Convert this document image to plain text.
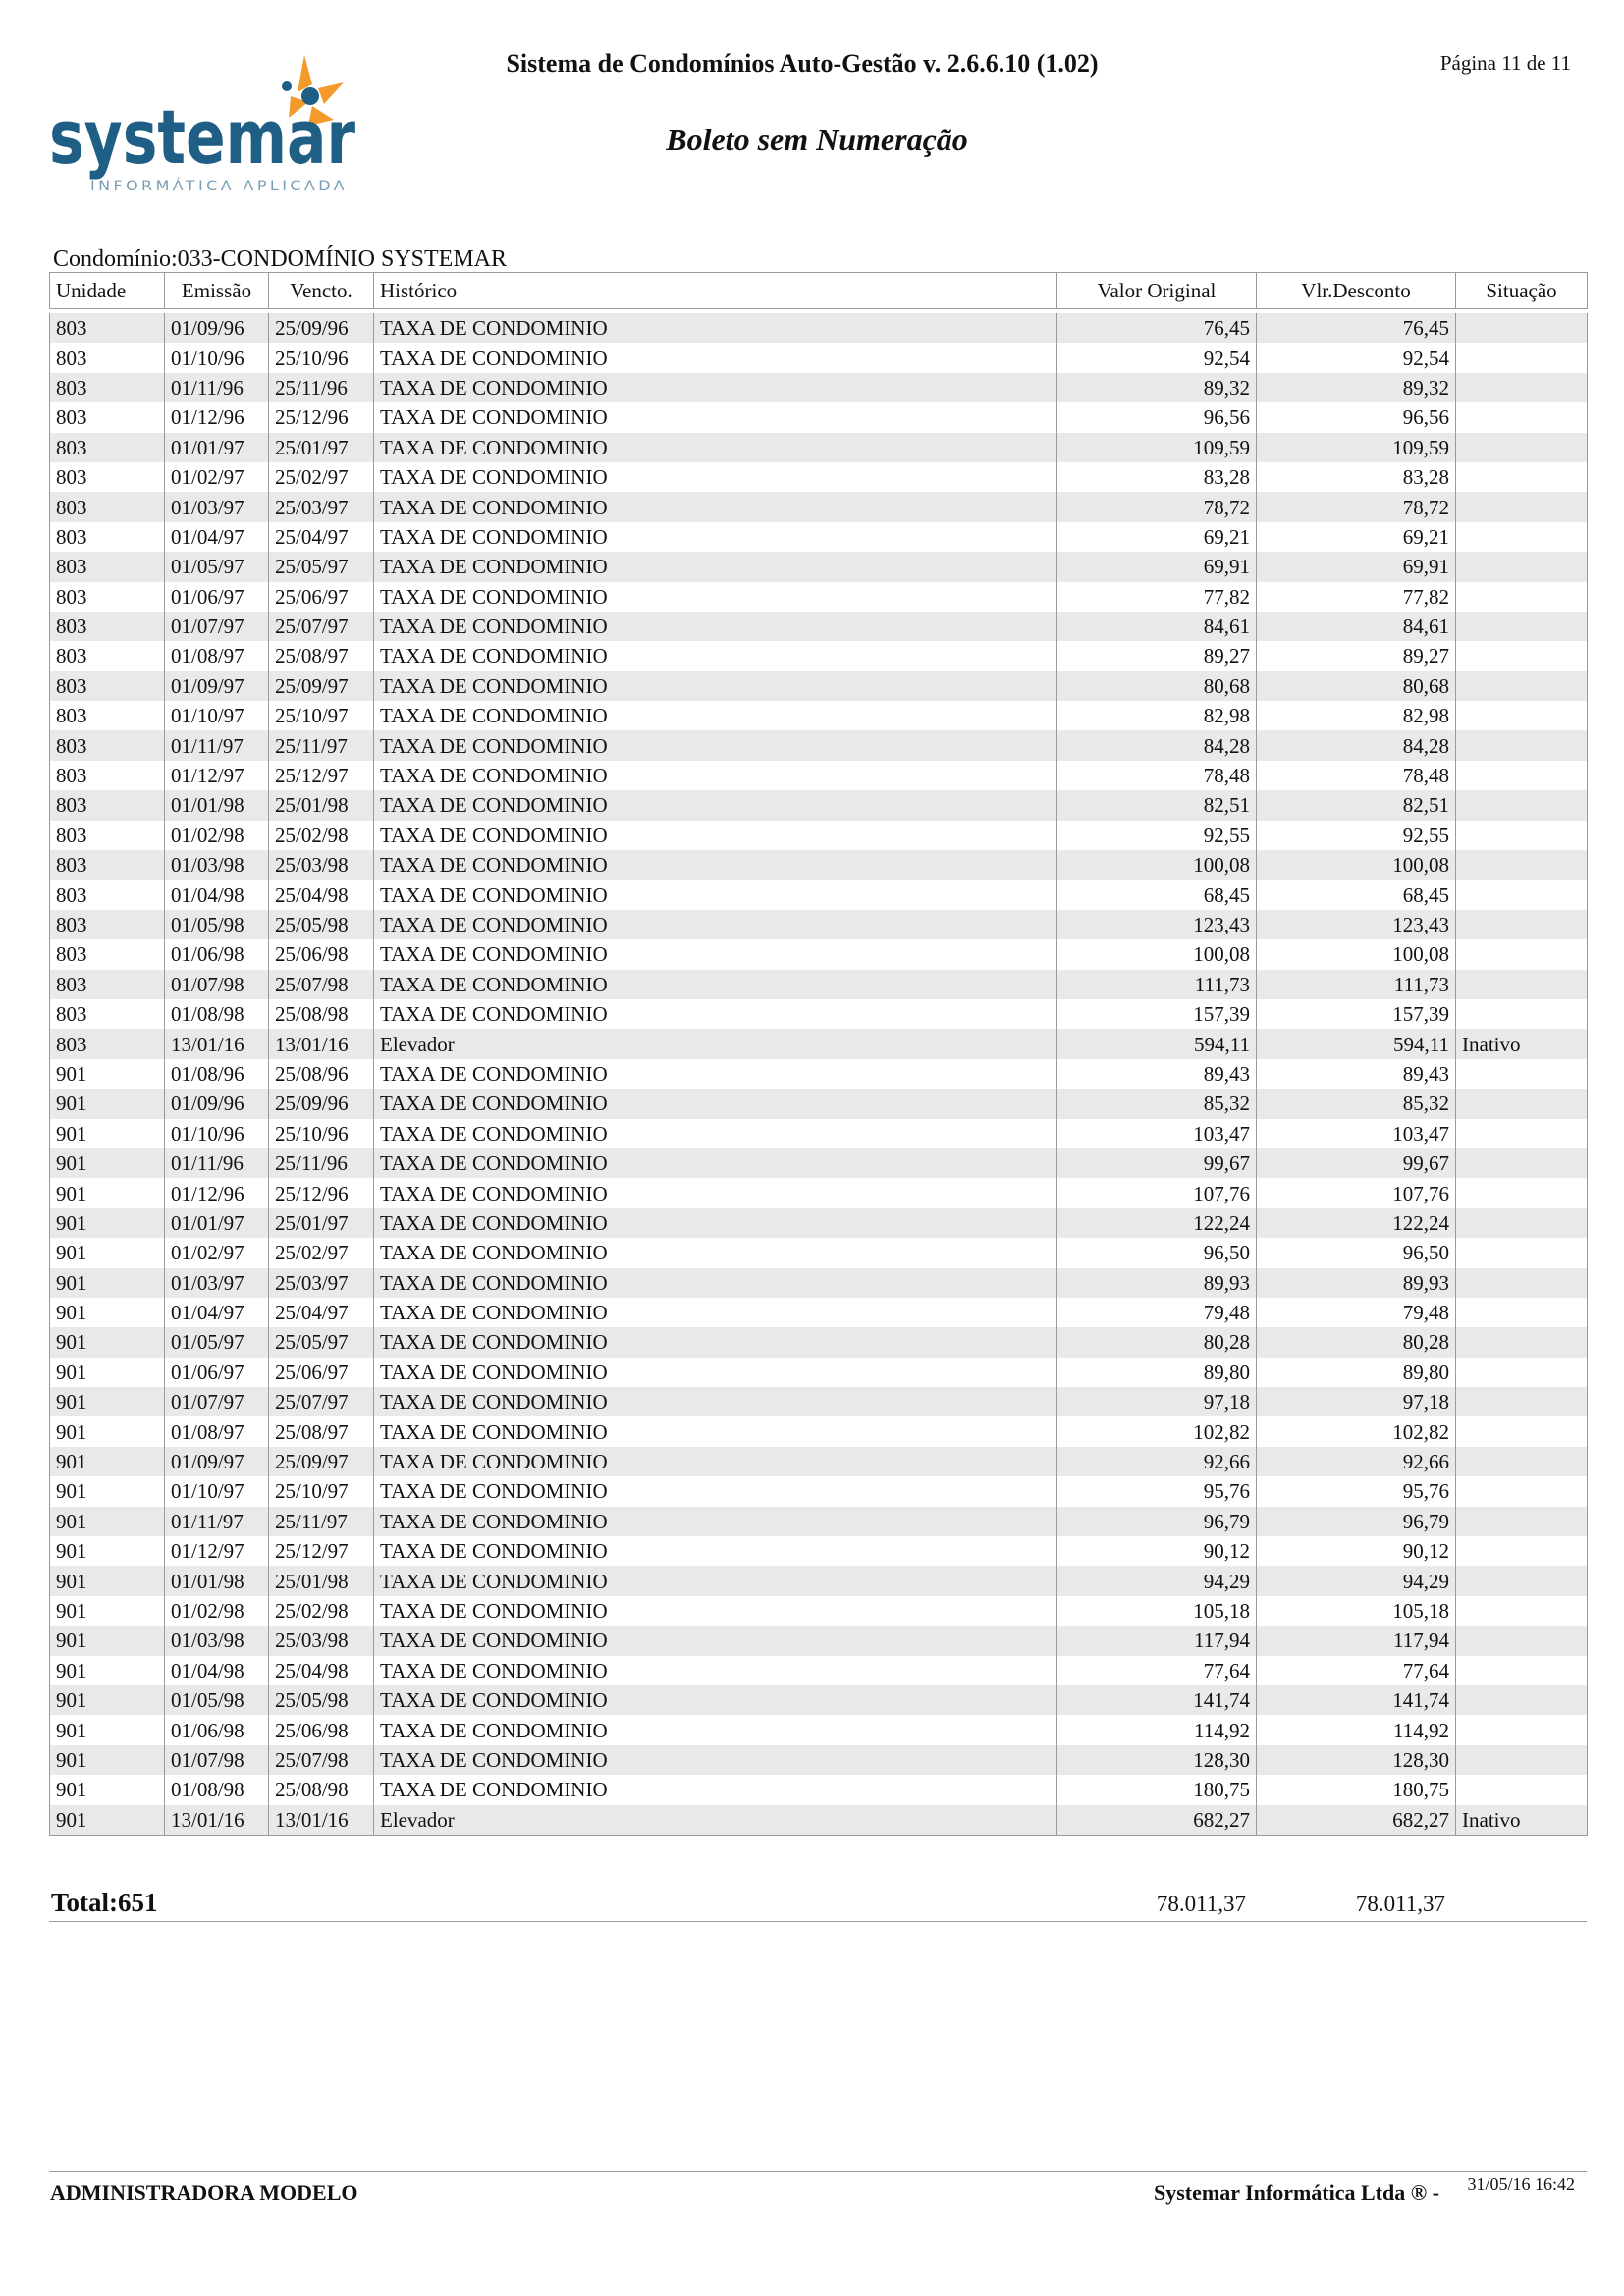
systemar
INFORMÁTICA APLICADA
Sistema de Condomínios Auto-Gestão v. 2.6.6.10 (1.02)
Boleto sem Numeração
Página 11 de 11
Condomínio:033-CONDOMÍNIO SYSTEMAR
Unidade	Emissão	Vencto.	Histórico	Valor Original	Vlr.Desconto	Situação

803	01/09/96	25/09/96	TAXA DE CONDOMINIO	76,45	76,45	
803	01/10/96	25/10/96	TAXA DE CONDOMINIO	92,54	92,54	
803	01/11/96	25/11/96	TAXA DE CONDOMINIO	89,32	89,32	
803	01/12/96	25/12/96	TAXA DE CONDOMINIO	96,56	96,56	
803	01/01/97	25/01/97	TAXA DE CONDOMINIO	109,59	109,59	
803	01/02/97	25/02/97	TAXA DE CONDOMINIO	83,28	83,28	
803	01/03/97	25/03/97	TAXA DE CONDOMINIO	78,72	78,72	
803	01/04/97	25/04/97	TAXA DE CONDOMINIO	69,21	69,21	
803	01/05/97	25/05/97	TAXA DE CONDOMINIO	69,91	69,91	
803	01/06/97	25/06/97	TAXA DE CONDOMINIO	77,82	77,82	
803	01/07/97	25/07/97	TAXA DE CONDOMINIO	84,61	84,61	
803	01/08/97	25/08/97	TAXA DE CONDOMINIO	89,27	89,27	
803	01/09/97	25/09/97	TAXA DE CONDOMINIO	80,68	80,68	
803	01/10/97	25/10/97	TAXA DE CONDOMINIO	82,98	82,98	
803	01/11/97	25/11/97	TAXA DE CONDOMINIO	84,28	84,28	
803	01/12/97	25/12/97	TAXA DE CONDOMINIO	78,48	78,48	
803	01/01/98	25/01/98	TAXA DE CONDOMINIO	82,51	82,51	
803	01/02/98	25/02/98	TAXA DE CONDOMINIO	92,55	92,55	
803	01/03/98	25/03/98	TAXA DE CONDOMINIO	100,08	100,08	
803	01/04/98	25/04/98	TAXA DE CONDOMINIO	68,45	68,45	
803	01/05/98	25/05/98	TAXA DE CONDOMINIO	123,43	123,43	
803	01/06/98	25/06/98	TAXA DE CONDOMINIO	100,08	100,08	
803	01/07/98	25/07/98	TAXA DE CONDOMINIO	111,73	111,73	
803	01/08/98	25/08/98	TAXA DE CONDOMINIO	157,39	157,39	
803	13/01/16	13/01/16	Elevador	594,11	594,11	Inativo
901	01/08/96	25/08/96	TAXA DE CONDOMINIO	89,43	89,43	
901	01/09/96	25/09/96	TAXA DE CONDOMINIO	85,32	85,32	
901	01/10/96	25/10/96	TAXA DE CONDOMINIO	103,47	103,47	
901	01/11/96	25/11/96	TAXA DE CONDOMINIO	99,67	99,67	
901	01/12/96	25/12/96	TAXA DE CONDOMINIO	107,76	107,76	
901	01/01/97	25/01/97	TAXA DE CONDOMINIO	122,24	122,24	
901	01/02/97	25/02/97	TAXA DE CONDOMINIO	96,50	96,50	
901	01/03/97	25/03/97	TAXA DE CONDOMINIO	89,93	89,93	
901	01/04/97	25/04/97	TAXA DE CONDOMINIO	79,48	79,48	
901	01/05/97	25/05/97	TAXA DE CONDOMINIO	80,28	80,28	
901	01/06/97	25/06/97	TAXA DE CONDOMINIO	89,80	89,80	
901	01/07/97	25/07/97	TAXA DE CONDOMINIO	97,18	97,18	
901	01/08/97	25/08/97	TAXA DE CONDOMINIO	102,82	102,82	
901	01/09/97	25/09/97	TAXA DE CONDOMINIO	92,66	92,66	
901	01/10/97	25/10/97	TAXA DE CONDOMINIO	95,76	95,76	
901	01/11/97	25/11/97	TAXA DE CONDOMINIO	96,79	96,79	
901	01/12/97	25/12/97	TAXA DE CONDOMINIO	90,12	90,12	
901	01/01/98	25/01/98	TAXA DE CONDOMINIO	94,29	94,29	
901	01/02/98	25/02/98	TAXA DE CONDOMINIO	105,18	105,18	
901	01/03/98	25/03/98	TAXA DE CONDOMINIO	117,94	117,94	
901	01/04/98	25/04/98	TAXA DE CONDOMINIO	77,64	77,64	
901	01/05/98	25/05/98	TAXA DE CONDOMINIO	141,74	141,74	
901	01/06/98	25/06/98	TAXA DE CONDOMINIO	114,92	114,92	
901	01/07/98	25/07/98	TAXA DE CONDOMINIO	128,30	128,30	
901	01/08/98	25/08/98	TAXA DE CONDOMINIO	180,75	180,75	
901	13/01/16	13/01/16	Elevador	682,27	682,27	Inativo
Total:651	78.011,37	78.011,37
ADMINISTRADORA MODELO	Systemar Informática Ltda ® - 31/05/16 16:42
